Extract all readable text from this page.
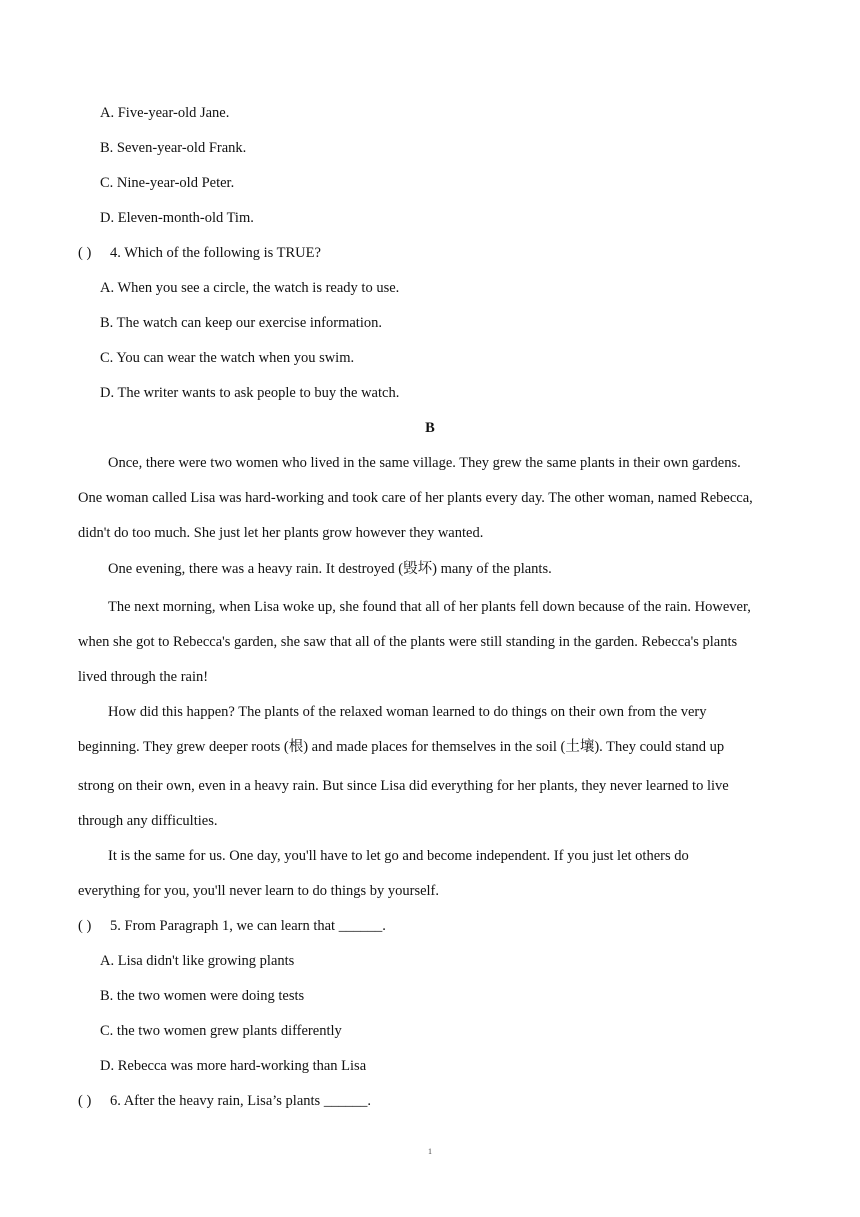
A. Five-year-old Jane.

B. Seven-year-old Frank.

C. Nine-year-old Peter.

D. Eleven-month-old Tim.

( ) 4. Which of the following is TRUE?

A. When you see a circle, the watch is ready to use.

B. The watch can keep our exercise information.

C. You can wear the watch when you swim.

D. The writer wants to ask people to buy the watch.

B

Once, there were two women who lived in the same village. They grew the same plants in their own gardens.

One woman called Lisa was hard-working and took care of her plants every day. The other woman, named Rebecca,

didn't do too much. She just let her plants grow however they wanted.

One evening, there was a heavy rain. It destroyed (毁坏) many of the plants.

The next morning, when Lisa woke up, she found that all of her plants fell down because of the rain. However,

when she got to Rebecca's garden, she saw that all of the plants were still standing in the garden. Rebecca's plants

lived through the rain!

How did this happen? The plants of the relaxed woman learned to do things on their own from the very

beginning. They grew deeper roots (根) and made places for themselves in the soil (土壤). They could stand up

strong on their own, even in a heavy rain. But since Lisa did everything for her plants, they never learned to live

through any difficulties.

It is the same for us. One day, you'll have to let go and become independent. If you just let others do

everything for you, you'll never learn to do things by yourself.

( ) 5. From Paragraph 1, we can learn that ______.

A. Lisa didn't like growing plants

B. the two women were doing tests

C. the two women grew plants differently

D. Rebecca was more hard-working than Lisa

( ) 6. After the heavy rain, Lisa’s plants ______.

1
